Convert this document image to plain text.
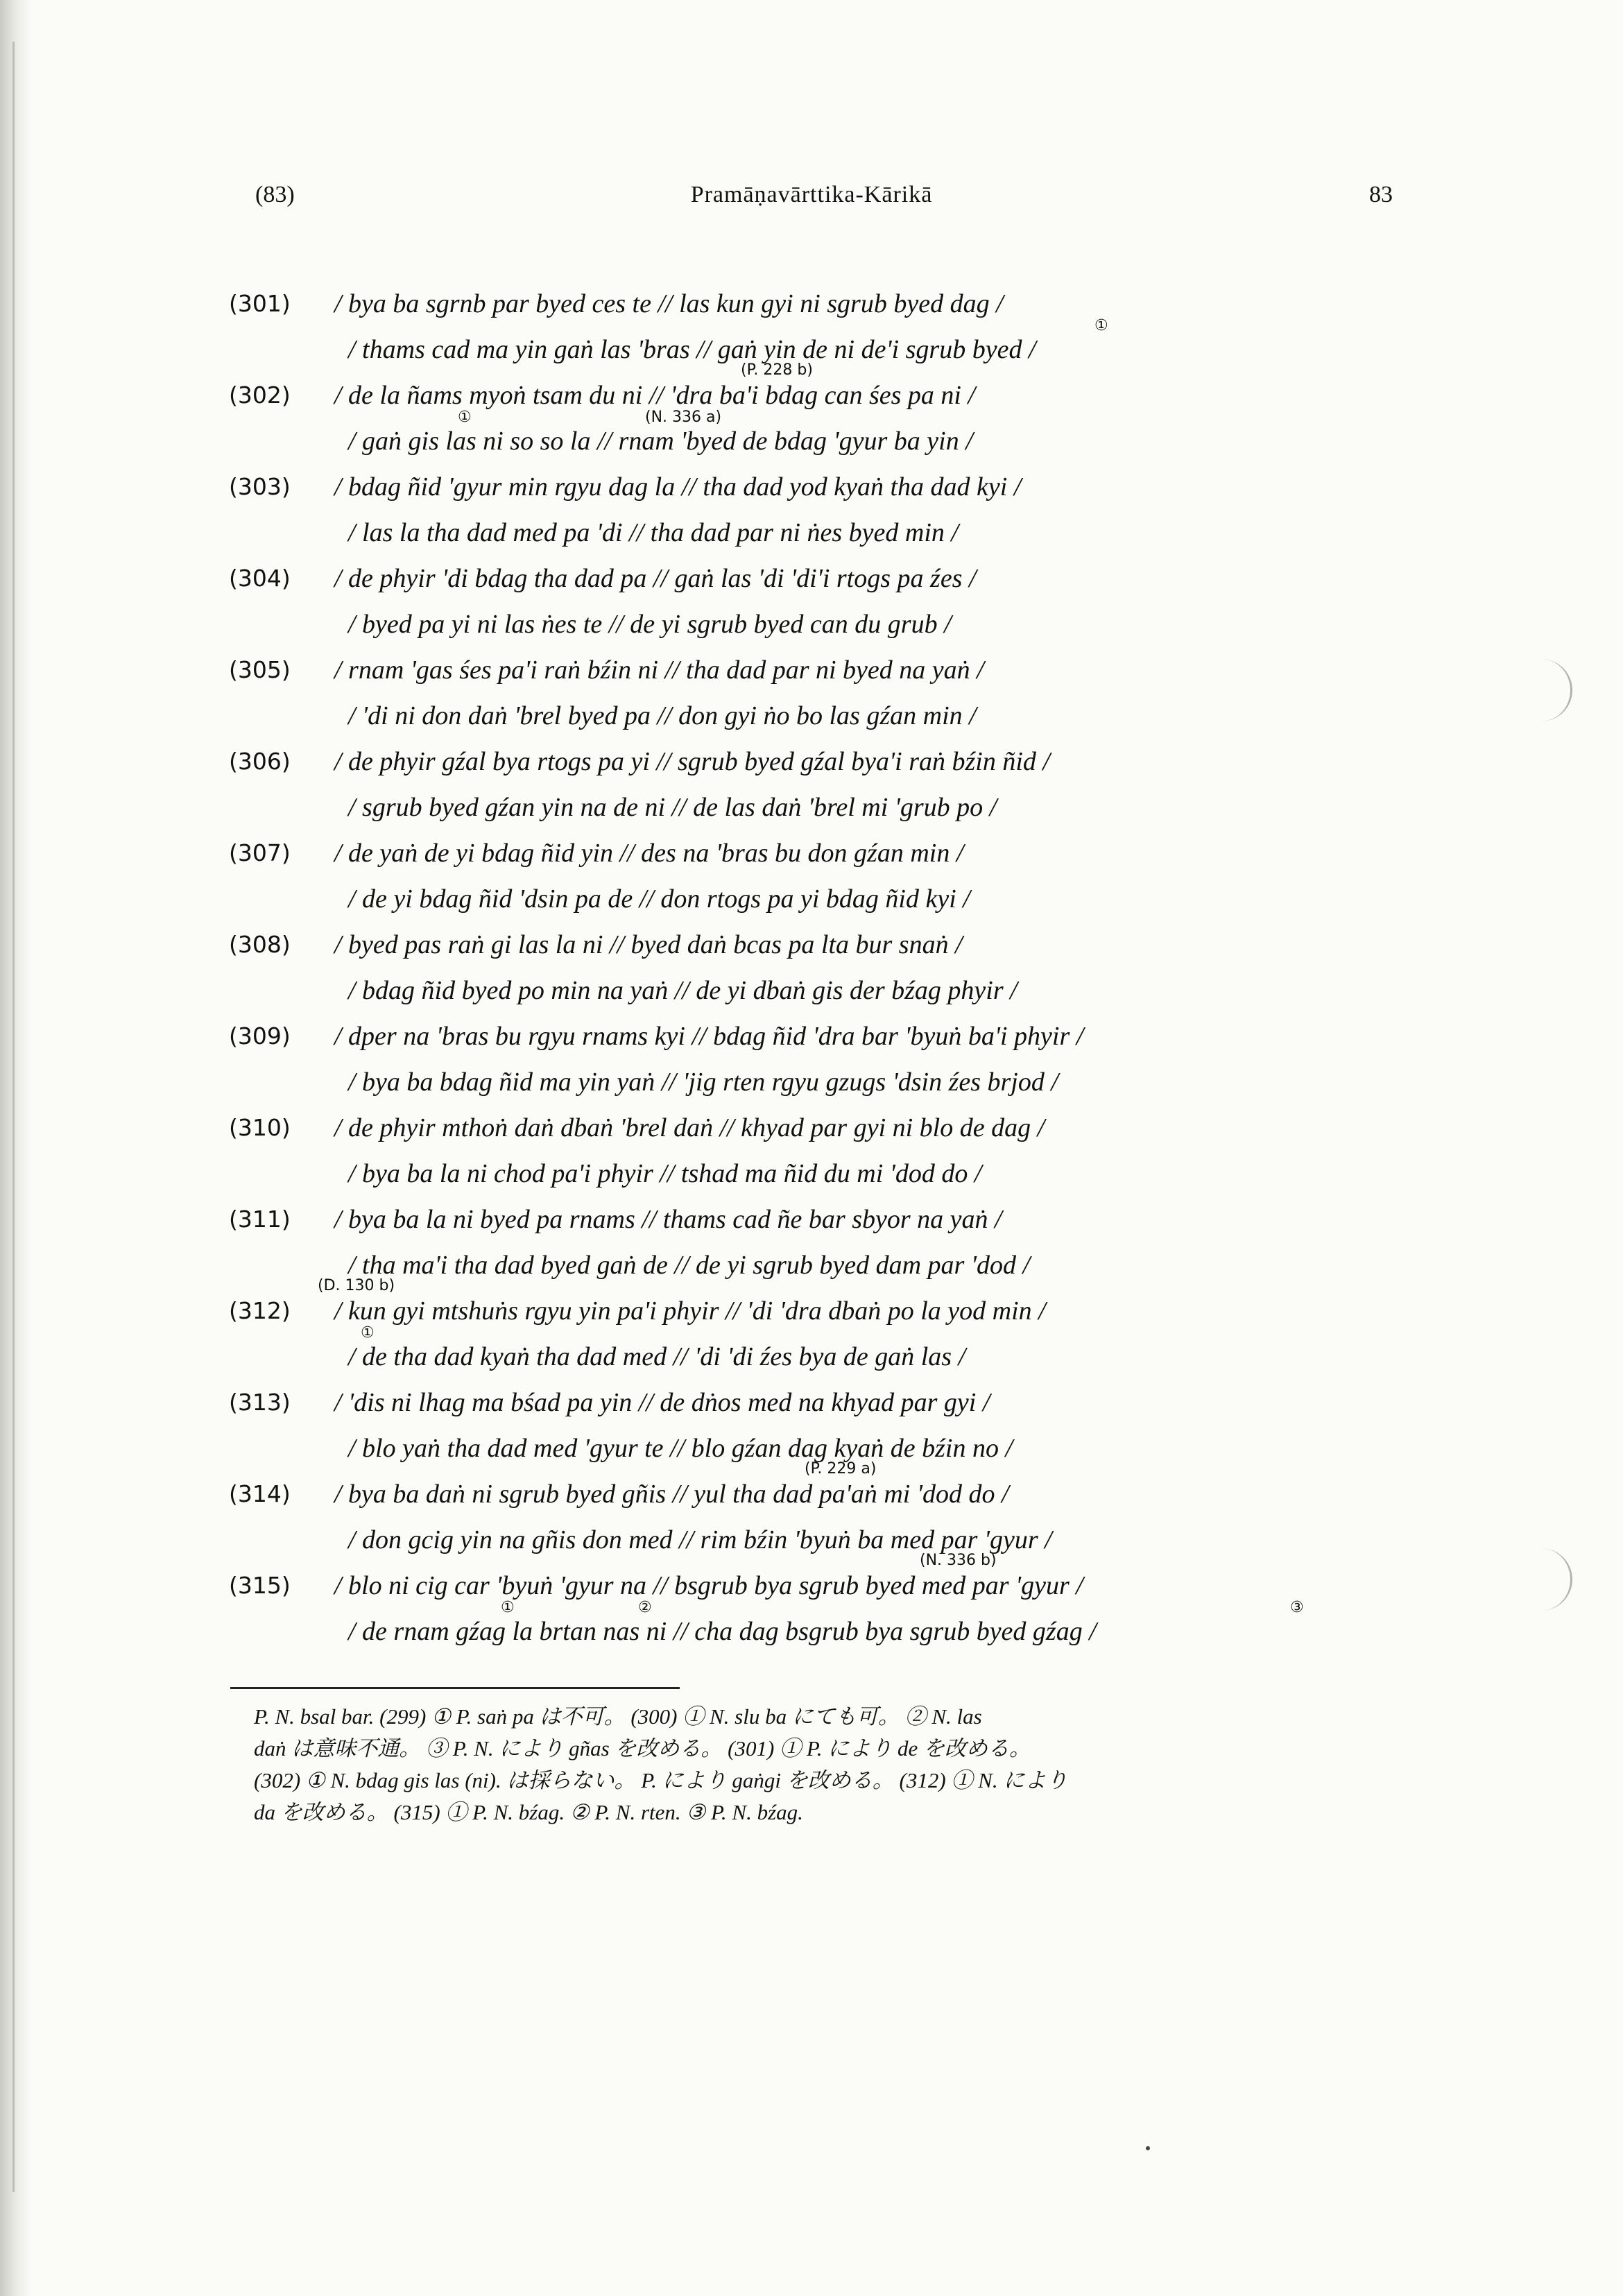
(83)	Pramāṇavārttika-Kārikā	83
(301) / bya ba sgrnb par byed ces te // las kun gyi ni sgrub byed dag /
/ thams cad ma yin gaṅ las 'bras // gaṅ yin de ni de'i sgrub byed /
①
(P. 228 b)
(302) / de la ñams myoṅ tsam du ni // 'dra ba'i bdag can śes pa ni /
/ gaṅ gis las ni so so la // rnam 'byed de bdag 'gyur ba yin /
①	(N. 336 a)
(303) / bdag ñid 'gyur min rgyu dag la // tha dad yod kyaṅ tha dad kyi /
/ las la tha dad med pa 'di // tha dad par ni ṅes byed min /
(304) / de phyir 'di bdag tha dad pa // gaṅ las 'di 'di'i rtogs pa źes /
/ byed pa yi ni las ṅes te // de yi sgrub byed can du grub /
(305) / rnam 'gas śes pa'i raṅ bźin ni // tha dad par ni byed na yaṅ /
/ 'di ni don daṅ 'brel byed pa // don gyi ṅo bo las gźan min /
(306) / de phyir gźal bya rtogs pa yi // sgrub byed gźal bya'i raṅ bźin ñid /
/ sgrub byed gźan yin na de ni // de las daṅ 'brel mi 'grub po /
(307) / de yaṅ de yi bdag ñid yin // des na 'bras bu don gźan min /
/ de yi bdag ñid 'dsin pa de // don rtogs pa yi bdag ñid kyi /
(308) / byed pas raṅ gi las la ni // byed daṅ bcas pa lta bur snaṅ /
/ bdag ñid byed po min na yaṅ // de yi dbaṅ gis der bźag phyir /
(309) / dper na 'bras bu rgyu rnams kyi // bdag ñid 'dra bar 'byuṅ ba'i phyir /
/ bya ba bdag ñid ma yin yaṅ // 'jig rten rgyu gzugs 'dsin źes brjod /
(310) / de phyir mthoṅ daṅ dbaṅ 'brel daṅ // khyad par gyi ni blo de dag /
/ bya ba la ni chod pa'i phyir // tshad ma ñid du mi 'dod do /
(311) / bya ba la ni byed pa rnams // thams cad ñe bar sbyor na yaṅ /
/ tha ma'i tha dad byed gaṅ de // de yi sgrub byed dam par 'dod /
(D. 130 b)
(312) / kun gyi mtshuṅs rgyu yin pa'i phyir // 'di 'dra dbaṅ po la yod min /
/ de tha dad kyaṅ tha dad med // 'di 'di źes bya de gaṅ las /
①
(313) / 'dis ni lhag ma bśad pa yin // de dṅos med na khyad par gyi /
/ blo yaṅ tha dad med 'gyur te // blo gźan dag kyaṅ de bźin no /
(P. 229 a)
(314) / bya ba daṅ ni sgrub byed gñis // yul tha dad pa'aṅ mi 'dod do /
/ don gcig yin na gñis don med // rim bźin 'byuṅ ba med par 'gyur /
(N. 336 b)
(315) / blo ni cig car 'byuṅ 'gyur na // bsgrub bya sgrub byed med par 'gyur /
/ de rnam gźag la brtan nas ni // cha dag bsgrub bya sgrub byed gźag /
①	②	③
P. N. bsal bar. (299) ① P. saṅ pa は不可。 (300) ① N. slu ba にても可。 ② N. las
daṅ は意味不通。 ③ P. N. により gñas を改める。 (301) ① P. により de を改める。
(302) ① N. bdag gis las (ni). は採らない。 P. により gaṅgi を改める。 (312) ① N. により
da を改める。 (315) ① P. N. bźag. ② P. N. rten. ③ P. N. bźag.
